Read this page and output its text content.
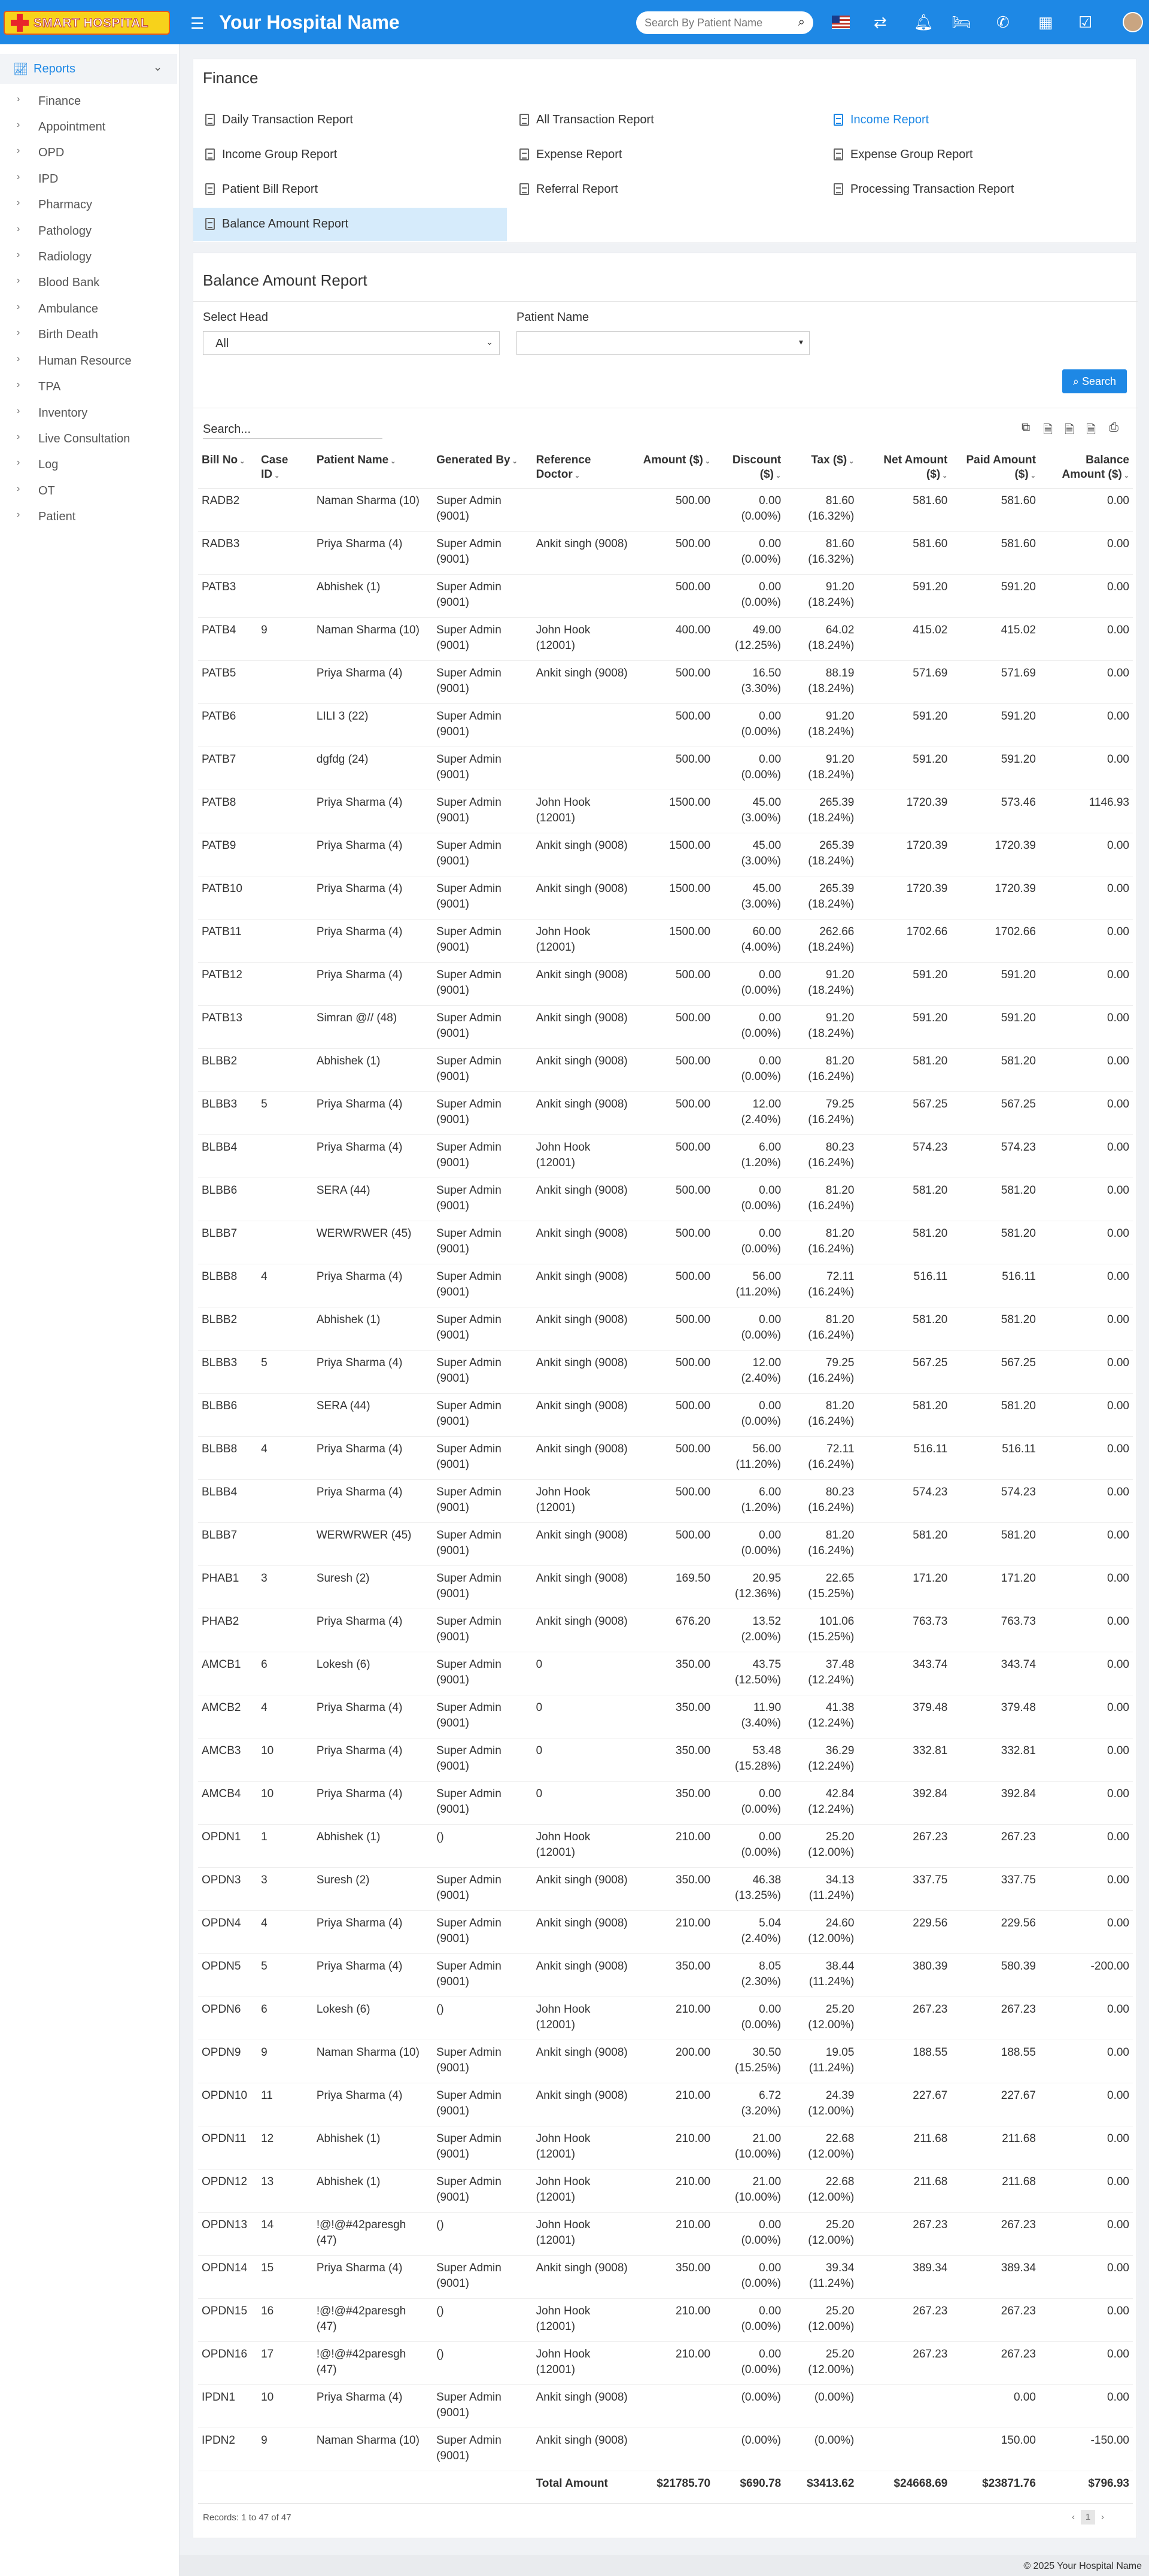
SMART HOSPITAL	☰ Your Hospital Name
Search By Patient Name	⌕	⇄ 🔔︎ 🛏︎ ✆ ▦ ☑
📈︎ Reports	⌄
› Finance
› Appointment
› OPD
› IPD
› Pharmacy
› Pathology
› Radiology
› Blood Bank
› Ambulance
› Birth Death
› Human Resource
› TPA
› Inventory
› Live Consultation
› Log
› OT
› Patient
Finance
Daily Transaction Report	All Transaction Report	Income Report
Income Group Report	Expense Report	Expense Group Report
Patient Bill Report	Referral Report	Processing Transaction Report
Balance Amount Report
Balance Amount Report
Select Head
All	⌄
Patient Name
▾
⌕ Search
Search...
⧉	🗎︎ 🗎︎ 🗎︎ ⎙
Bill No ⌄	Case ID ⌄	Patient Name ⌄	Generated By ⌄	Reference Doctor ⌄	Amount ($) ⌄	Discount ($) ⌄	Tax ($) ⌄	Net Amount ($) ⌄	Paid Amount ($) ⌄	Balance Amount ($) ⌄
RADB2		Naman Sharma (10)	Super Admin (9001)		500.00	0.00 (0.00%)	81.60 (16.32%)	581.60	581.60	0.00
RADB3		Priya Sharma (4)	Super Admin (9001)	Ankit singh (9008)	500.00	0.00 (0.00%)	81.60 (16.32%)	581.60	581.60	0.00
PATB3		Abhishek (1)	Super Admin (9001)		500.00	0.00 (0.00%)	91.20 (18.24%)	591.20	591.20	0.00
PATB4	9	Naman Sharma (10)	Super Admin (9001)	John Hook (12001)	400.00	49.00 (12.25%)	64.02 (18.24%)	415.02	415.02	0.00
PATB5		Priya Sharma (4)	Super Admin (9001)	Ankit singh (9008)	500.00	16.50 (3.30%)	88.19 (18.24%)	571.69	571.69	0.00
PATB6		LILI 3 (22)	Super Admin (9001)		500.00	0.00 (0.00%)	91.20 (18.24%)	591.20	591.20	0.00
PATB7		dgfdg (24)	Super Admin (9001)		500.00	0.00 (0.00%)	91.20 (18.24%)	591.20	591.20	0.00
PATB8		Priya Sharma (4)	Super Admin (9001)	John Hook (12001)	1500.00	45.00 (3.00%)	265.39 (18.24%)	1720.39	573.46	1146.93
PATB9		Priya Sharma (4)	Super Admin (9001)	Ankit singh (9008)	1500.00	45.00 (3.00%)	265.39 (18.24%)	1720.39	1720.39	0.00
PATB10		Priya Sharma (4)	Super Admin (9001)	Ankit singh (9008)	1500.00	45.00 (3.00%)	265.39 (18.24%)	1720.39	1720.39	0.00
PATB11		Priya Sharma (4)	Super Admin (9001)	John Hook (12001)	1500.00	60.00 (4.00%)	262.66 (18.24%)	1702.66	1702.66	0.00
PATB12		Priya Sharma (4)	Super Admin (9001)	Ankit singh (9008)	500.00	0.00 (0.00%)	91.20 (18.24%)	591.20	591.20	0.00
PATB13		Simran @// (48)	Super Admin (9001)	Ankit singh (9008)	500.00	0.00 (0.00%)	91.20 (18.24%)	591.20	591.20	0.00
BLBB2		Abhishek (1)	Super Admin (9001)	Ankit singh (9008)	500.00	0.00 (0.00%)	81.20 (16.24%)	581.20	581.20	0.00
BLBB3	5	Priya Sharma (4)	Super Admin (9001)	Ankit singh (9008)	500.00	12.00 (2.40%)	79.25 (16.24%)	567.25	567.25	0.00
BLBB4		Priya Sharma (4)	Super Admin (9001)	John Hook (12001)	500.00	6.00 (1.20%)	80.23 (16.24%)	574.23	574.23	0.00
BLBB6		SERA (44)	Super Admin (9001)	Ankit singh (9008)	500.00	0.00 (0.00%)	81.20 (16.24%)	581.20	581.20	0.00
BLBB7		WERWRWER (45)	Super Admin (9001)	Ankit singh (9008)	500.00	0.00 (0.00%)	81.20 (16.24%)	581.20	581.20	0.00
BLBB8	4	Priya Sharma (4)	Super Admin (9001)	Ankit singh (9008)	500.00	56.00 (11.20%)	72.11 (16.24%)	516.11	516.11	0.00
BLBB2		Abhishek (1)	Super Admin (9001)	Ankit singh (9008)	500.00	0.00 (0.00%)	81.20 (16.24%)	581.20	581.20	0.00
BLBB3	5	Priya Sharma (4)	Super Admin (9001)	Ankit singh (9008)	500.00	12.00 (2.40%)	79.25 (16.24%)	567.25	567.25	0.00
BLBB6		SERA (44)	Super Admin (9001)	Ankit singh (9008)	500.00	0.00 (0.00%)	81.20 (16.24%)	581.20	581.20	0.00
BLBB8	4	Priya Sharma (4)	Super Admin (9001)	Ankit singh (9008)	500.00	56.00 (11.20%)	72.11 (16.24%)	516.11	516.11	0.00
BLBB4		Priya Sharma (4)	Super Admin (9001)	John Hook (12001)	500.00	6.00 (1.20%)	80.23 (16.24%)	574.23	574.23	0.00
BLBB7		WERWRWER (45)	Super Admin (9001)	Ankit singh (9008)	500.00	0.00 (0.00%)	81.20 (16.24%)	581.20	581.20	0.00
PHAB1	3	Suresh (2)	Super Admin (9001)	Ankit singh (9008)	169.50	20.95 (12.36%)	22.65 (15.25%)	171.20	171.20	0.00
PHAB2		Priya Sharma (4)	Super Admin (9001)	Ankit singh (9008)	676.20	13.52 (2.00%)	101.06 (15.25%)	763.73	763.73	0.00
AMCB1	6	Lokesh (6)	Super Admin (9001)	0	350.00	43.75 (12.50%)	37.48 (12.24%)	343.74	343.74	0.00
AMCB2	4	Priya Sharma (4)	Super Admin (9001)	0	350.00	11.90 (3.40%)	41.38 (12.24%)	379.48	379.48	0.00
AMCB3	10	Priya Sharma (4)	Super Admin (9001)	0	350.00	53.48 (15.28%)	36.29 (12.24%)	332.81	332.81	0.00
AMCB4	10	Priya Sharma (4)	Super Admin (9001)	0	350.00	0.00 (0.00%)	42.84 (12.24%)	392.84	392.84	0.00
OPDN1	1	Abhishek (1)	()	John Hook (12001)	210.00	0.00 (0.00%)	25.20 (12.00%)	267.23	267.23	0.00
OPDN3	3	Suresh (2)	Super Admin (9001)	Ankit singh (9008)	350.00	46.38 (13.25%)	34.13 (11.24%)	337.75	337.75	0.00
OPDN4	4	Priya Sharma (4)	Super Admin (9001)	Ankit singh (9008)	210.00	5.04 (2.40%)	24.60 (12.00%)	229.56	229.56	0.00
OPDN5	5	Priya Sharma (4)	Super Admin (9001)	Ankit singh (9008)	350.00	8.05 (2.30%)	38.44 (11.24%)	380.39	580.39	-200.00
OPDN6	6	Lokesh (6)	()	John Hook (12001)	210.00	0.00 (0.00%)	25.20 (12.00%)	267.23	267.23	0.00
OPDN9	9	Naman Sharma (10)	Super Admin (9001)	Ankit singh (9008)	200.00	30.50 (15.25%)	19.05 (11.24%)	188.55	188.55	0.00
OPDN10	11	Priya Sharma (4)	Super Admin (9001)	Ankit singh (9008)	210.00	6.72 (3.20%)	24.39 (12.00%)	227.67	227.67	0.00
OPDN11	12	Abhishek (1)	Super Admin (9001)	John Hook (12001)	210.00	21.00 (10.00%)	22.68 (12.00%)	211.68	211.68	0.00
OPDN12	13	Abhishek (1)	Super Admin (9001)	John Hook (12001)	210.00	21.00 (10.00%)	22.68 (12.00%)	211.68	211.68	0.00
OPDN13	14	!@!@#42paresgh (47)	()	John Hook (12001)	210.00	0.00 (0.00%)	25.20 (12.00%)	267.23	267.23	0.00
OPDN14	15	Priya Sharma (4)	Super Admin (9001)	Ankit singh (9008)	350.00	0.00 (0.00%)	39.34 (11.24%)	389.34	389.34	0.00
OPDN15	16	!@!@#42paresgh (47)	()	John Hook (12001)	210.00	0.00 (0.00%)	25.20 (12.00%)	267.23	267.23	0.00
OPDN16	17	!@!@#42paresgh (47)	()	John Hook (12001)	210.00	0.00 (0.00%)	25.20 (12.00%)	267.23	267.23	0.00
IPDN1	10	Priya Sharma (4)	Super Admin (9001)	Ankit singh (9008)		(0.00%)	(0.00%)		0.00	0.00
IPDN2	9	Naman Sharma (10)	Super Admin (9001)	Ankit singh (9008)		(0.00%)	(0.00%)		150.00	-150.00
				Total Amount	$21785.70	$690.78	$3413.62	$24668.69	$23871.76	$796.93
Records: 1 to 47 of 47	‹ 1 ›
© 2025 Your Hospital Name
